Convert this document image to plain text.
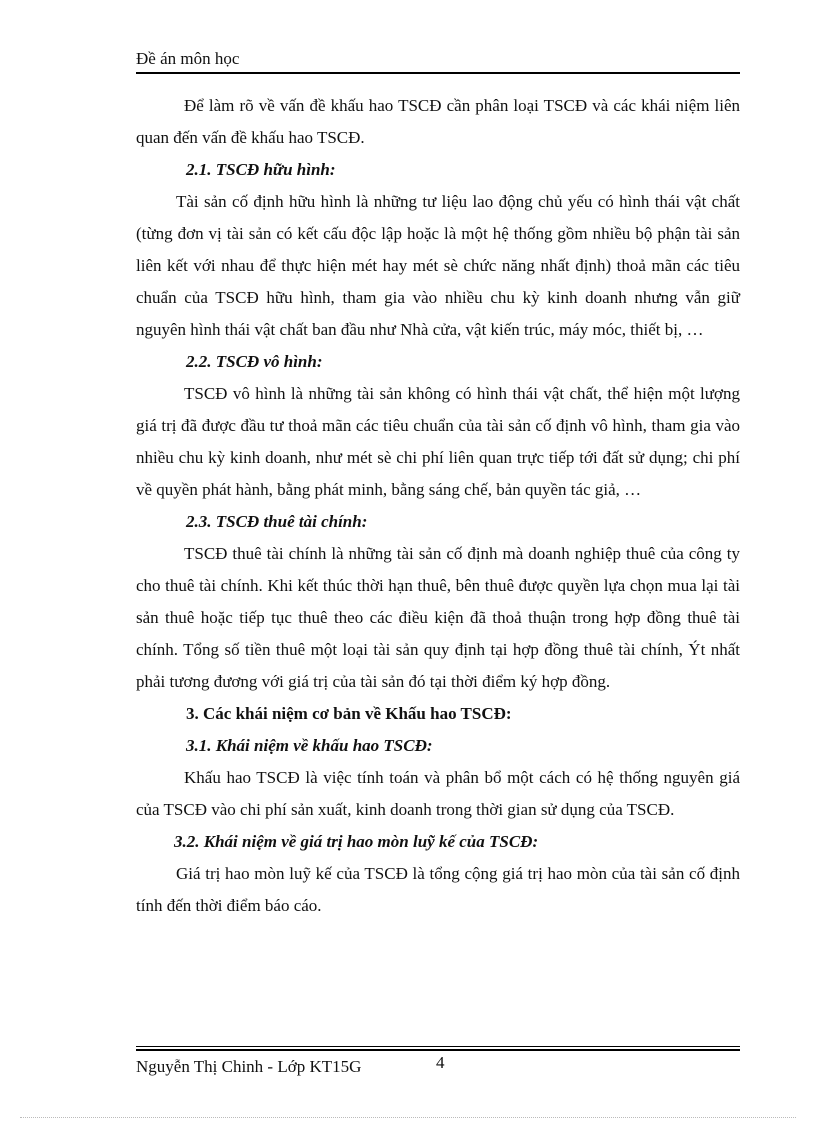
Đề án môn học

Để làm rõ về vấn đề khấu hao TSCĐ cần phân loại TSCĐ và các khái niệm liên quan đến vấn đề khấu hao TSCĐ.

2.1. TSCĐ hữu hình:

Tài sản cố định hữu hình là những tư liệu lao động chủ yếu có hình thái vật chất (từng đơn vị tài sản có kết cấu độc lập hoặc là một hệ thống gồm nhiều bộ phận tài sản liên kết với nhau để thực hiện mét hay mét sè chức năng nhất định) thoả mãn các tiêu chuẩn của TSCĐ hữu hình, tham gia vào nhiều chu kỳ kinh doanh nhưng vẫn giữ nguyên hình thái vật chất ban đầu như Nhà cửa, vật kiến trúc, máy móc, thiết bị, …

2.2. TSCĐ vô hình:

TSCĐ vô hình là những tài sản không có hình thái vật chất, thể hiện một lượng giá trị đã được đầu tư thoả mãn các tiêu chuẩn của tài sản cố định vô hình, tham gia vào nhiều chu kỳ kinh doanh, như mét sè chi phí liên quan trực tiếp tới đất sử dụng; chi phí về quyền phát hành, bằng phát minh, bằng sáng chế, bản quyền tác giả, …

2.3. TSCĐ thuê tài chính:

TSCĐ thuê tài chính là những tài sản cố định mà doanh nghiệp thuê của công ty cho thuê tài chính. Khi kết thúc thời hạn thuê, bên thuê được quyền lựa chọn mua lại tài sản thuê hoặc tiếp tục thuê theo các điều kiện đã thoả thuận trong hợp đồng thuê tài chính. Tổng số tiền thuê một loại tài sản quy định tại hợp đồng thuê tài chính, Ýt nhất phải tương đương với giá trị của tài sản đó tại thời điểm ký hợp đồng.

3. Các khái niệm cơ bản về Khấu hao TSCĐ:

3.1. Khái niệm về khấu hao TSCĐ:

Khấu hao TSCĐ là việc tính toán và phân bổ một cách có hệ thống nguyên giá của TSCĐ vào chi phí sản xuất, kinh doanh trong thời gian sử dụng của TSCĐ.

3.2. Khái niệm về giá trị hao mòn luỹ kế của TSCĐ:

Giá trị hao mòn luỹ kế của TSCĐ là tổng cộng giá trị hao mòn của tài sản cố định tính đến thời điểm báo cáo.

Nguyễn Thị Chinh - Lớp KT15G	4
